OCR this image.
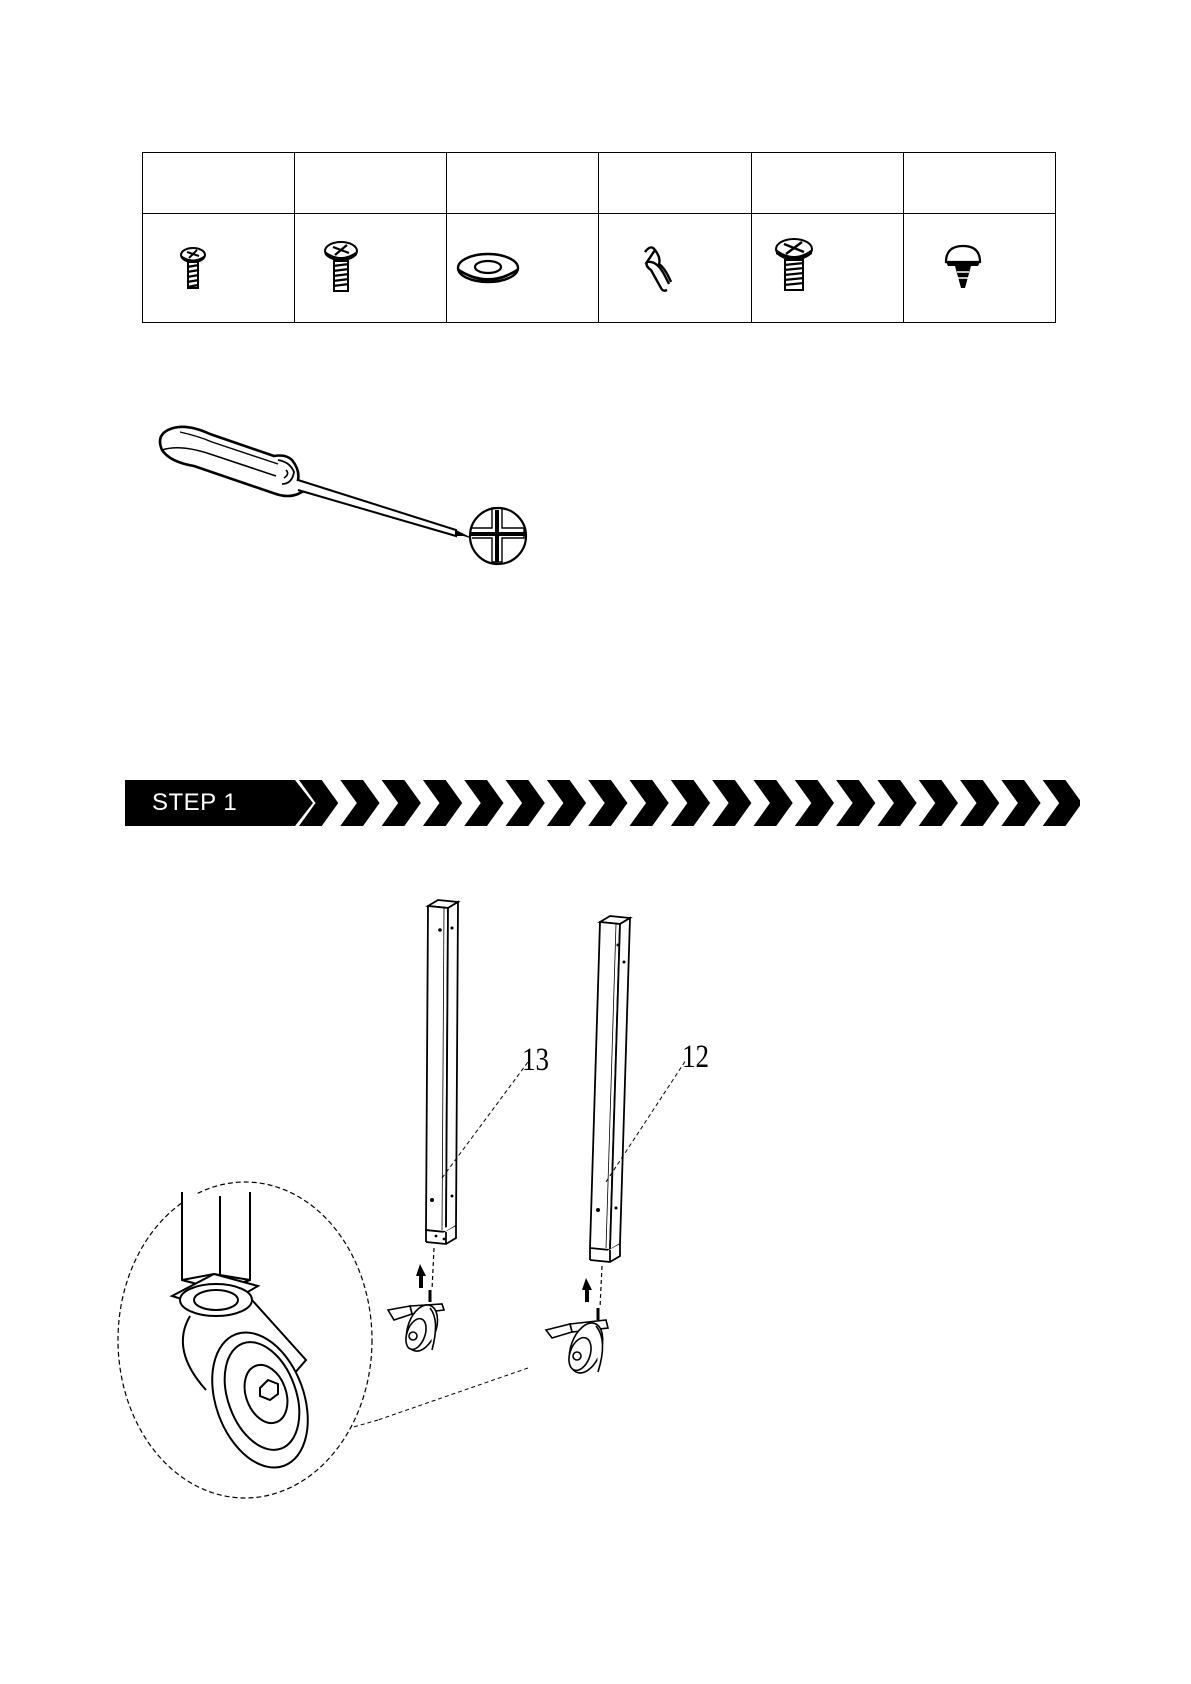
STEP 1
13	12
